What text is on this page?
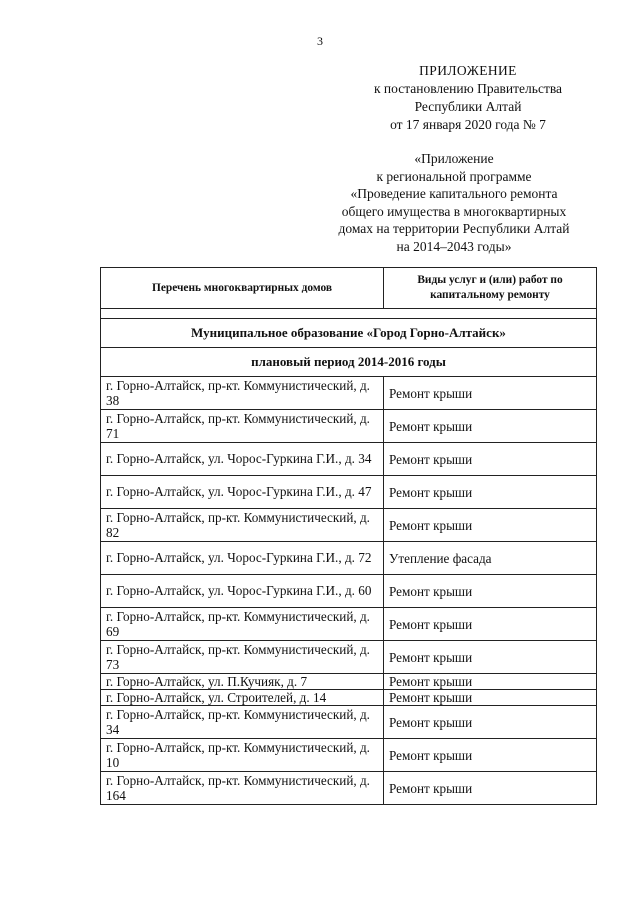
3
ПРИЛОЖЕНИЕ
к постановлению Правительства
Республики Алтай
от 17 января 2020 года № 7
«Приложение
к региональной программе
«Проведение капитального ремонта
общего имущества в многоквартирных
домах на территории Республики Алтай
на 2014–2043 годы»
Перечень многоквартирных домов	Виды услуг и (или) работ по капитальному ремонту

Муниципальное образование «Город Горно-Алтайск»	
плановый период 2014-2016 годы	
г. Горно-Алтайск, пр-кт. Коммунистический, д. 38	Ремонт крыши
г. Горно-Алтайск, пр-кт. Коммунистический, д. 71	Ремонт крыши
г. Горно-Алтайск, ул. Чорос-Гуркина Г.И., д. 34	Ремонт крыши
г. Горно-Алтайск, ул. Чорос-Гуркина Г.И., д. 47	Ремонт крыши
г. Горно-Алтайск, пр-кт. Коммунистический, д. 82	Ремонт крыши
г. Горно-Алтайск, ул. Чорос-Гуркина Г.И., д. 72	Утепление фасада
г. Горно-Алтайск, ул. Чорос-Гуркина Г.И., д. 60	Ремонт крыши
г. Горно-Алтайск, пр-кт. Коммунистический, д. 69	Ремонт крыши
г. Горно-Алтайск, пр-кт. Коммунистический, д. 73	Ремонт крыши
г. Горно-Алтайск, ул. П.Кучияк, д. 7	Ремонт крыши
г. Горно-Алтайск, ул. Строителей, д. 14	Ремонт крыши
г. Горно-Алтайск, пр-кт. Коммунистический, д. 34	Ремонт крыши
г. Горно-Алтайск, пр-кт. Коммунистический, д. 10	Ремонт крыши
г. Горно-Алтайск, пр-кт. Коммунистический, д. 164	Ремонт крыши
